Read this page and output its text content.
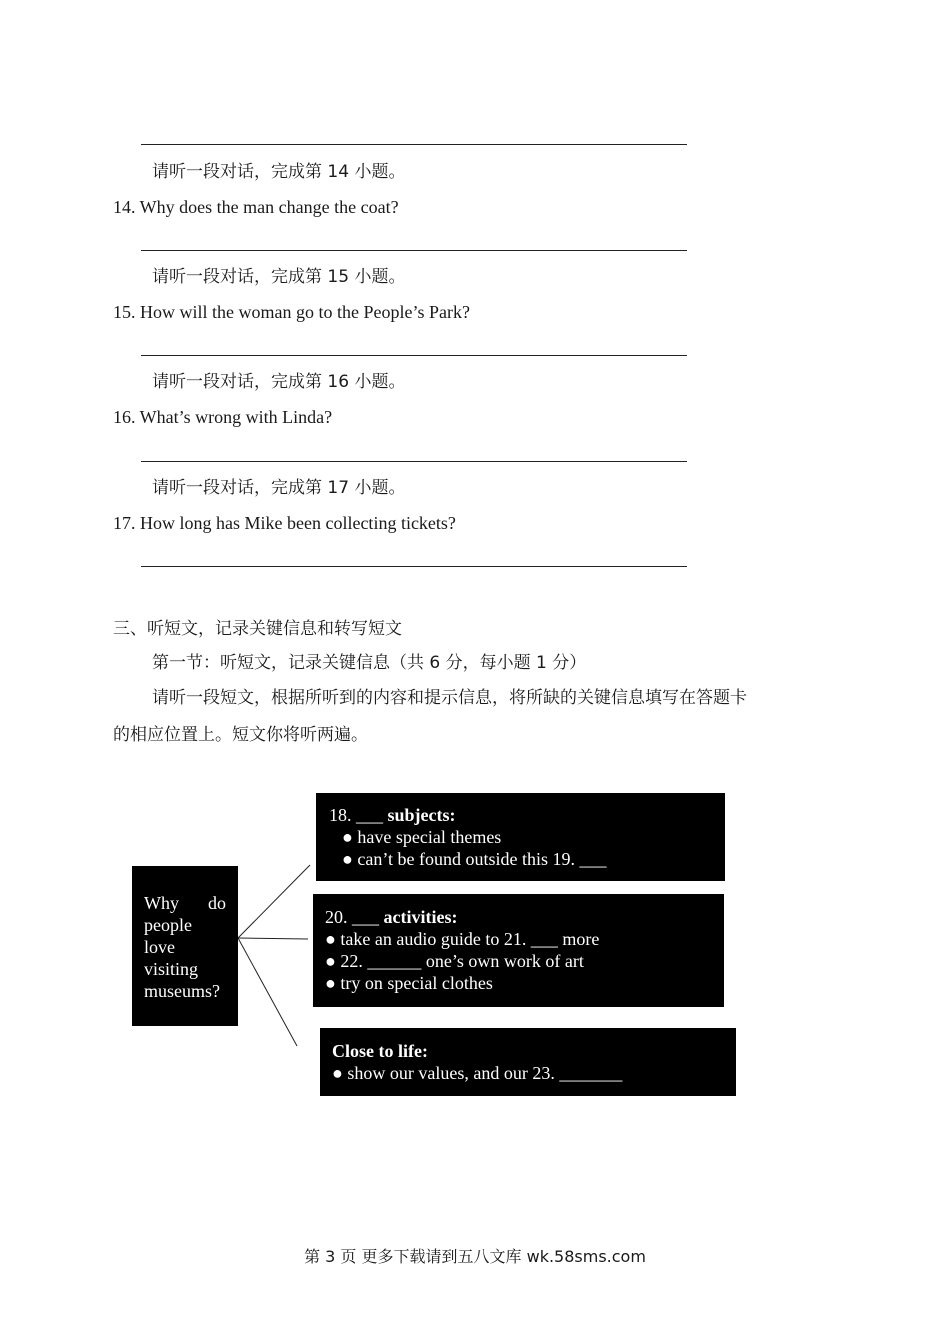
请听一段对话，完成第 14 小题。
14. Why does the man change the coat?
请听一段对话，完成第 15 小题。
15. How will the woman go to the People’s Park?
请听一段对话，完成第 16 小题。
16. What’s wrong with Linda?
请听一段对话，完成第 17 小题。
17. How long has Mike been collecting tickets?
三、听短文，记录关键信息和转写短文
第一节：听短文，记录关键信息（共 6 分，每小题 1 分）
请听一段短文，根据所听到的内容和提示信息，将所缺的关键信息填写在答题卡
的相应位置上。短文你将听两遍。
Why do
people
love
visiting
museums?
18. ___ subjects:
● have special themes
● can’t be found outside this 19. ___
20. ___ activities:
● take an audio guide to 21. ___ more
● 22. ______ one’s own work of art
● try on special clothes
Close to life:
● show our values, and our 23. _______
第 3 页 更多下载请到五八文库 wk.58sms.com
